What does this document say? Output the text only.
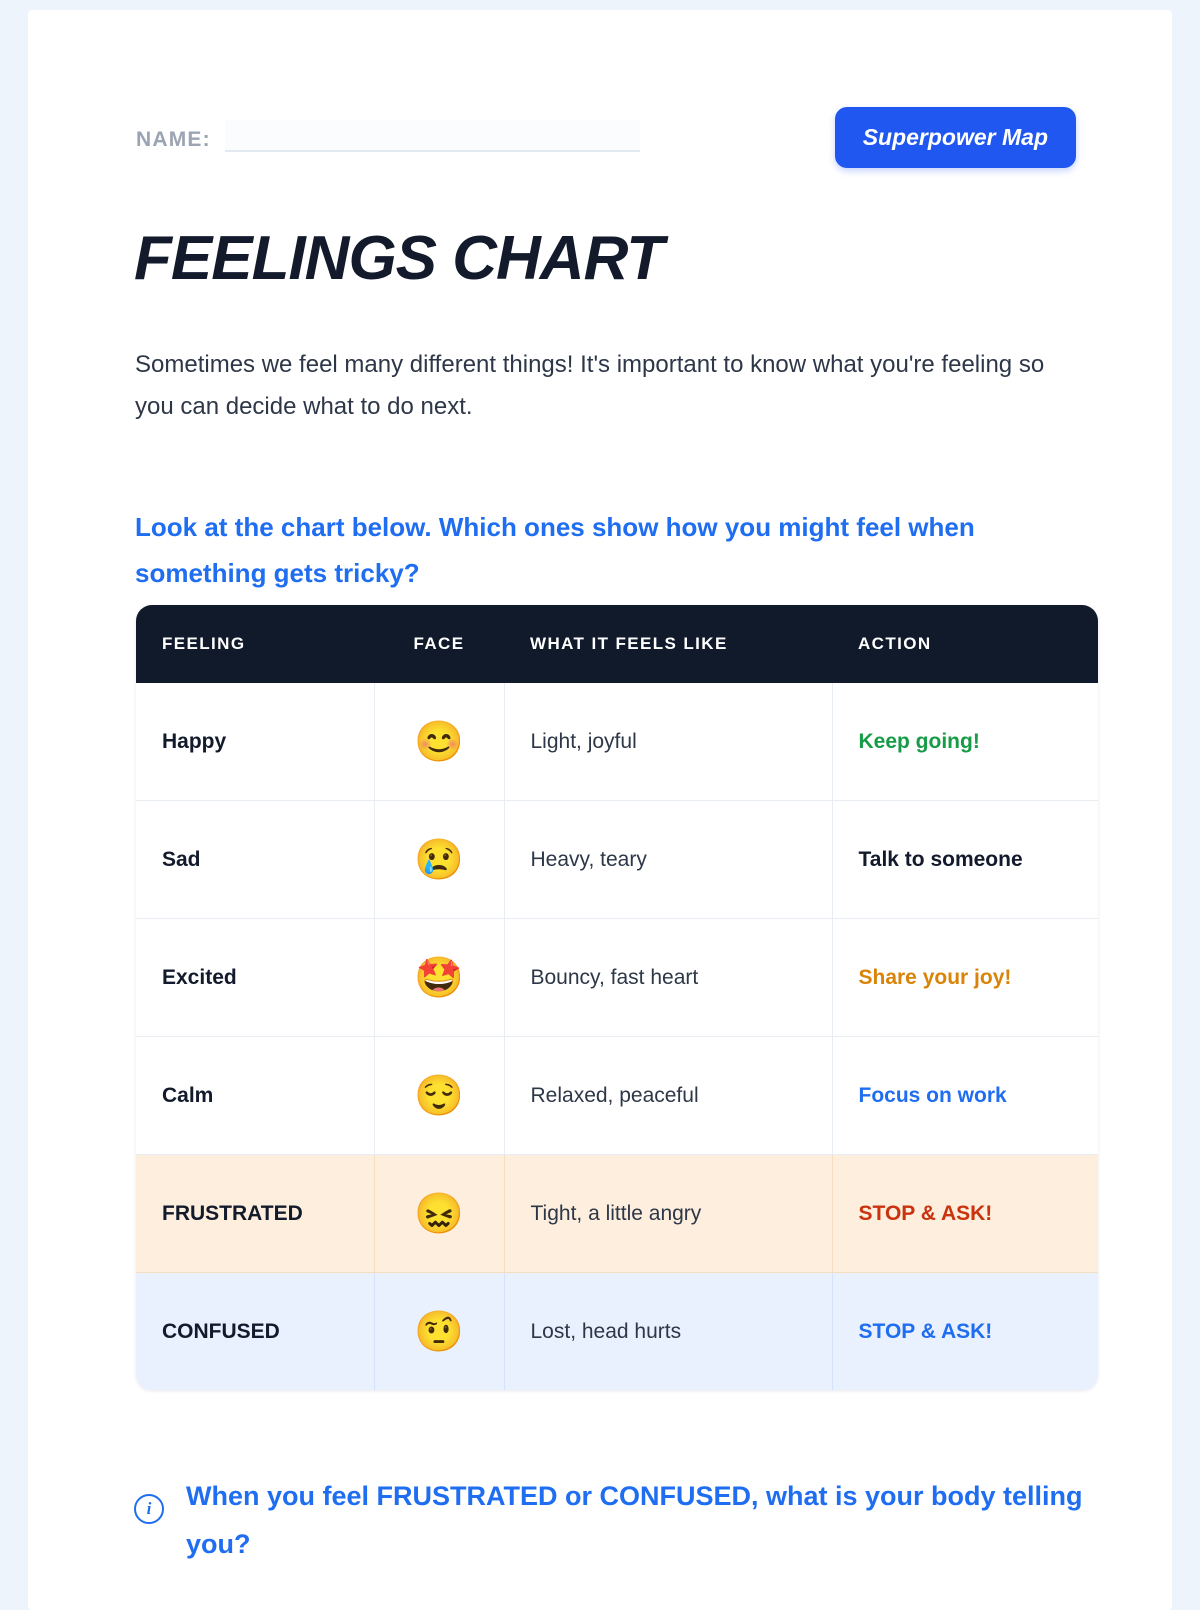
NAME:	Superpower Map
FEELINGS CHART

Sometimes we feel many different things! It's important to know what you're feeling so you can decide what to do next.

Look at the chart below. Which ones show how you might feel when something gets tricky?

FEELING	FACE	WHAT IT FEELS LIKE	ACTION
Happy	😊	Light, joyful	Keep going!
Sad	😢	Heavy, teary	Talk to someone
Excited	🤩	Bouncy, fast heart	Share your joy!
Calm	😌	Relaxed, peaceful	Focus on work
FRUSTRATED	😖	Tight, a little angry	STOP & ASK!
CONFUSED	🤨	Lost, head hurts	STOP & ASK!
i	When you feel FRUSTRATED or CONFUSED, what is your body telling you?
